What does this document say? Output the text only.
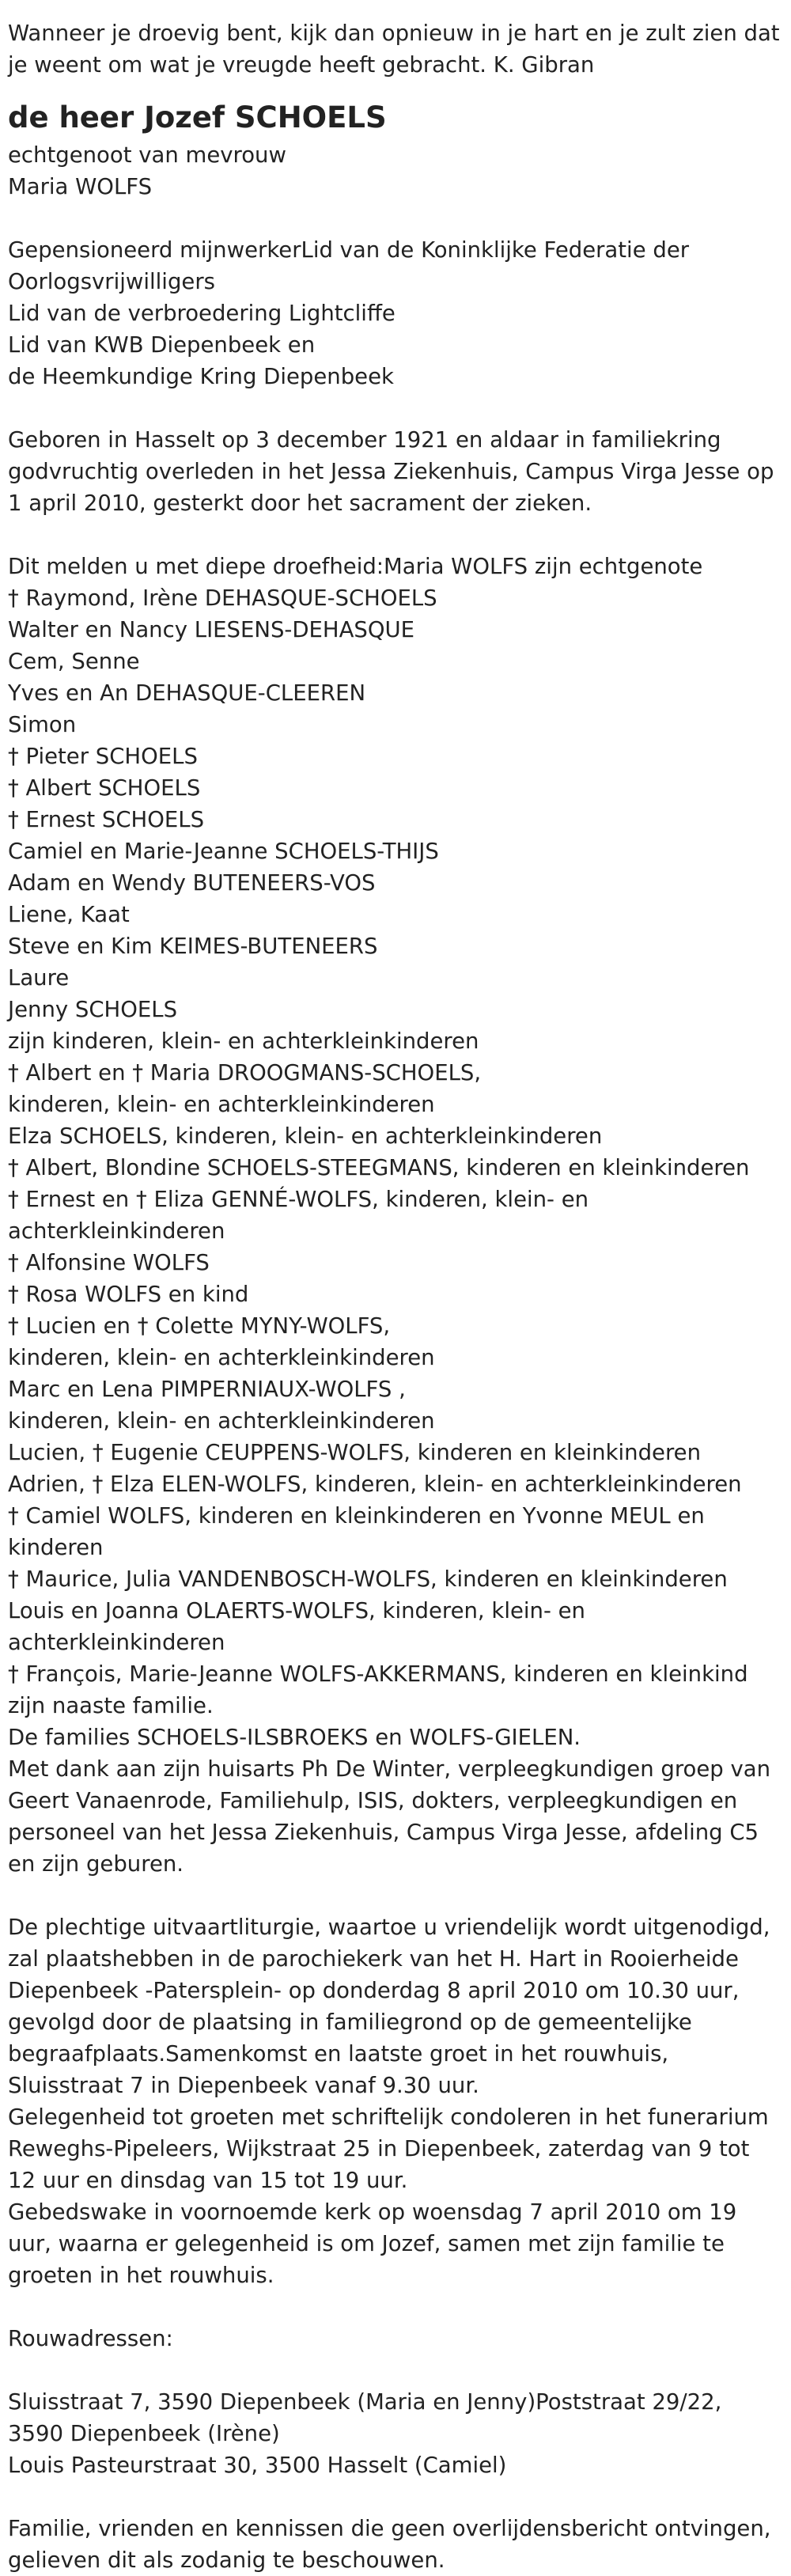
Wanneer je droevig bent, kijk dan opnieuw in je hart en je zult zien dat je weent om wat je vreugde heeft gebracht. K. Gibran

de heer Jozef SCHOELS
echtgenoot van mevrouw
Maria WOLFS
Gepensioneerd mijnwerkerLid van de Koninklijke Federatie der Oorlogsvrijwilligers
Lid van de verbroedering Lightcliffe
Lid van KWB Diepenbeek en
de Heemkundige Kring Diepenbeek

Geboren in Hasselt op 3 december 1921 en aldaar in familiekring godvruchtig overleden in het Jessa Ziekenhuis, Campus Virga Jesse op 1 april 2010, gesterkt door het sacrament der zieken.

Dit melden u met diepe droefheid:Maria WOLFS zijn echtgenote
† Raymond, Irène DEHASQUE-SCHOELS
Walter en Nancy LIESENS-DEHASQUE
Cem, Senne
Yves en An DEHASQUE-CLEEREN
Simon
† Pieter SCHOELS
† Albert SCHOELS
† Ernest SCHOELS
Camiel en Marie-Jeanne SCHOELS-THIJS
Adam en Wendy BUTENEERS-VOS
Liene, Kaat
Steve en Kim KEIMES-BUTENEERS
Laure
Jenny SCHOELS
zijn kinderen, klein- en achterkleinkinderen
† Albert en † Maria DROOGMANS-SCHOELS,
kinderen, klein- en achterkleinkinderen
Elza SCHOELS, kinderen, klein- en achterkleinkinderen
† Albert, Blondine SCHOELS-STEEGMANS, kinderen en kleinkinderen
† Ernest en † Eliza GENNÉ-WOLFS, kinderen, klein- en achterkleinkinderen
† Alfonsine WOLFS
† Rosa WOLFS en kind
† Lucien en † Colette MYNY-WOLFS,
kinderen, klein- en achterkleinkinderen
Marc en Lena PIMPERNIAUX-WOLFS ,
kinderen, klein- en achterkleinkinderen
Lucien, † Eugenie CEUPPENS-WOLFS, kinderen en kleinkinderen
Adrien, † Elza ELEN-WOLFS, kinderen, klein- en achterkleinkinderen
† Camiel WOLFS, kinderen en kleinkinderen en Yvonne MEUL en kinderen
† Maurice, Julia VANDENBOSCH-WOLFS, kinderen en kleinkinderen
Louis en Joanna OLAERTS-WOLFS, kinderen, klein- en achterkleinkinderen
† François, Marie-Jeanne WOLFS-AKKERMANS, kinderen en kleinkind
zijn naaste familie.
De families SCHOELS-ILSBROEKS en WOLFS-GIELEN.

Met dank aan zijn huisarts Ph De Winter, verpleegkundigen groep van Geert Vanaenrode, Familiehulp, ISIS, dokters, verpleegkundigen en personeel van het Jessa Ziekenhuis, Campus Virga Jesse, afdeling C5 en zijn geburen.

De plechtige uitvaartliturgie, waartoe u vriendelijk wordt uitgenodigd, zal plaatshebben in de parochiekerk van het H. Hart in Rooierheide Diepenbeek -Patersplein- op donderdag 8 april 2010 om 10.30 uur, gevolgd door de plaatsing in familiegrond op de gemeentelijke begraafplaats.Samenkomst en laatste groet in het rouwhuis, Sluisstraat 7 in Diepenbeek vanaf 9.30 uur.

Gelegenheid tot groeten met schriftelijk condoleren in het funerarium Reweghs-Pipeleers, Wijkstraat 25 in Diepenbeek, zaterdag van 9 tot 12 uur en dinsdag van 15 tot 19 uur.

Gebedswake in voornoemde kerk op woensdag 7 april 2010 om 19 uur, waarna er gelegenheid is om Jozef, samen met zijn familie te groeten in het rouwhuis.

Rouwadressen:

Sluisstraat 7, 3590 Diepenbeek (Maria en Jenny)Poststraat 29/22, 3590 Diepenbeek (Irène)

Louis Pasteurstraat 30, 3500 Hasselt (Camiel)

Familie, vrienden en kennissen die geen overlijdensbericht ontvingen, gelieven dit als zodanig te beschouwen.
